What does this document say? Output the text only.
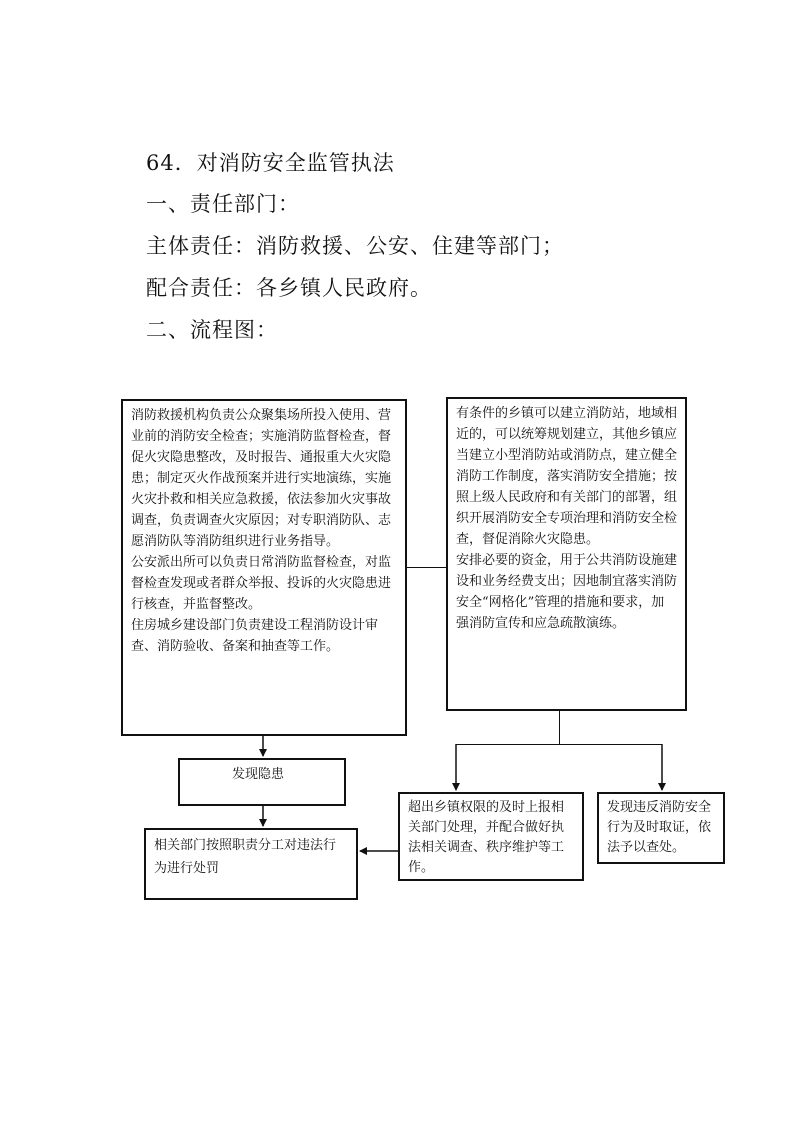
64．对消防安全监管执法
一、责任部门：
主体责任：消防救援、公安、住建等部门；
配合责任：各乡镇人民政府。
二、流程图：

消防救援机构负责公众聚集场所投入使用、营业前的消防安全检查；实施消防监督检查，督促火灾隐患整改，及时报告、通报重大火灾隐患；制定灭火作战预案并进行实地演练，实施火灾扑救和相关应急救援，依法参加火灾事故调查，负责调查火灾原因；对专职消防队、志愿消防队等消防组织进行业务指导。

公安派出所可以负责日常消防监督检查，对监督检查发现或者群众举报、投诉的火灾隐患进行核查，并监督整改。

住房城乡建设部门负责建设工程消防设计审查、消防验收、备案和抽查等工作。

有条件的乡镇可以建立消防站，地域相近的，可以统筹规划建立，其他乡镇应当建立小型消防站或消防点，建立健全消防工作制度，落实消防安全措施；按照上级人民政府和有关部门的部署，组织开展消防安全专项治理和消防安全检查，督促消除火灾隐患。

安排必要的资金，用于公共消防设施建设和业务经费支出；因地制宜落实消防安全“网格化”管理的措施和要求，加强消防宣传和应急疏散演练。

发现隐患

相关部门按照职责分工对违法行为进行处罚

超出乡镇权限的及时上报相关部门处理，并配合做好执法相关调查、秩序维护等工作。

发现违反消防安全行为及时取证，依法予以查处。
